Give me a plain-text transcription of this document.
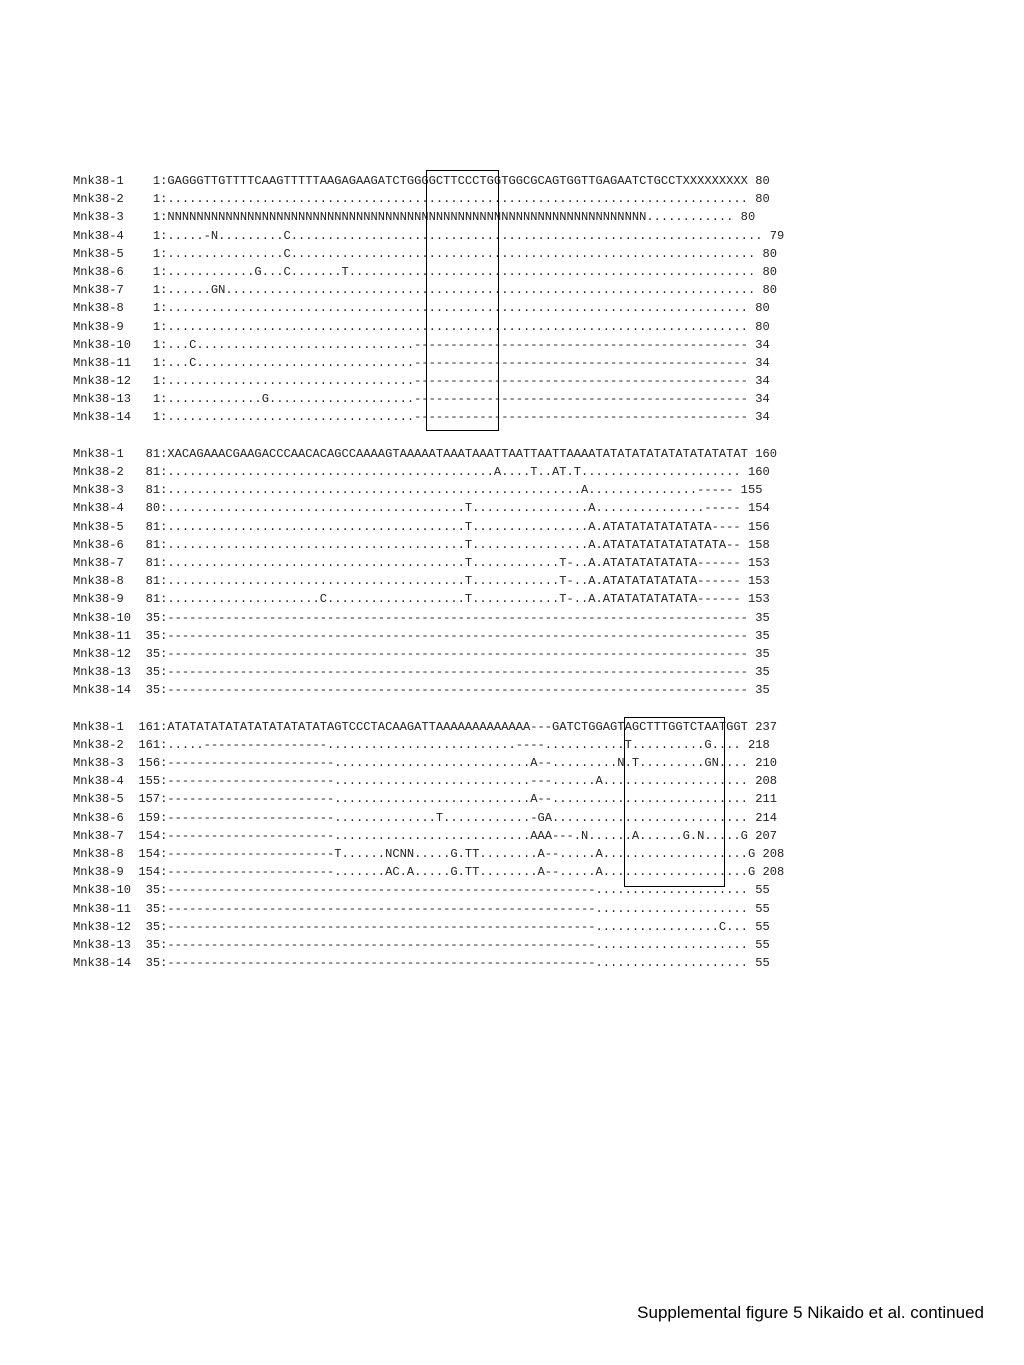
Mnk38-1    1:GAGGGTTGTTTTCAAGTTTTTAAGAGAAGATCTGGGGCTTCCCTGGTGGCGCAGTGGTTGAGAATCTGCCTXXXXXXXXX 80
Mnk38-2    1:................................................................................ 80
Mnk38-3    1:NNNNNNNNNNNNNNNNNNNNNNNNNNNNNNNNNNNNNNNNNNNNNNNNNNNNNNNNNNNNNNNNNN............ 80
Mnk38-4    1:.....-N.........C................................................................. 79
Mnk38-5    1:................C................................................................ 80
Mnk38-6    1:............G...C.......T........................................................ 80
Mnk38-7    1:......GN......................................................................... 80
Mnk38-8    1:................................................................................ 80
Mnk38-9    1:................................................................................ 80
Mnk38-10   1:...C..............................---------------------------------------------- 34
Mnk38-11   1:...C..............................---------------------------------------------- 34
Mnk38-12   1:..................................---------------------------------------------- 34
Mnk38-13   1:.............G....................---------------------------------------------- 34
Mnk38-14   1:..................................---------------------------------------------- 34
Mnk38-1   81:XACAGAAACGAAGACCCAACACAGCCAAAAGTAAAAATAAATAAATTAATTAATTAAAATATATATATATATATATATAT 160
Mnk38-2   81:.............................................A....T..AT.T...................... 160
Mnk38-3   81:.........................................................A...............----- 155
Mnk38-4   80:.........................................T................A...............----- 154
Mnk38-5   81:.........................................T................A.ATATATATATATATA---- 156
Mnk38-6   81:.........................................T................A.ATATATATATATATATA-- 158
Mnk38-7   81:.........................................T............T-..A.ATATATATATATA------ 153
Mnk38-8   81:.........................................T............T-..A.ATATATATATATA------ 153
Mnk38-9   81:.....................C...................T............T-..A.ATATATATATATA------ 153
Mnk38-10  35:-------------------------------------------------------------------------------- 35
Mnk38-11  35:-------------------------------------------------------------------------------- 35
Mnk38-12  35:-------------------------------------------------------------------------------- 35
Mnk38-13  35:-------------------------------------------------------------------------------- 35
Mnk38-14  35:-------------------------------------------------------------------------------- 35
Mnk38-1  161:ATATATATATATATATATATATAGTCCCTACAAGATTAAAAAAAAAAAAA---GATCTGGAGTAGCTTTGGTCTAATGGT 237
Mnk38-2  161:.....-----------------..........................----...........T..........G.... 218
Mnk38-3  156:-----------------------...........................A--.........N.T.........GN.... 210
Mnk38-4  155:-----------------------...........................---......A.................... 208
Mnk38-5  157:-----------------------...........................A--........................... 211
Mnk38-6  159:-----------------------..............T............-GA........................... 214
Mnk38-7  154:-----------------------...........................AAA---.N......A......G.N.....G 207
Mnk38-8  154:-----------------------T......NCNN.....G.TT........A--.....A....................G 208
Mnk38-9  154:-----------------------.......AC.A.....G.TT........A--.....A....................G 208
Mnk38-10  35:-----------------------------------------------------------..................... 55
Mnk38-11  35:-----------------------------------------------------------..................... 55
Mnk38-12  35:-----------------------------------------------------------.................C... 55
Mnk38-13  35:-----------------------------------------------------------..................... 55
Mnk38-14  35:-----------------------------------------------------------..................... 55
Supplemental figure 5 Nikaido et al. continued
